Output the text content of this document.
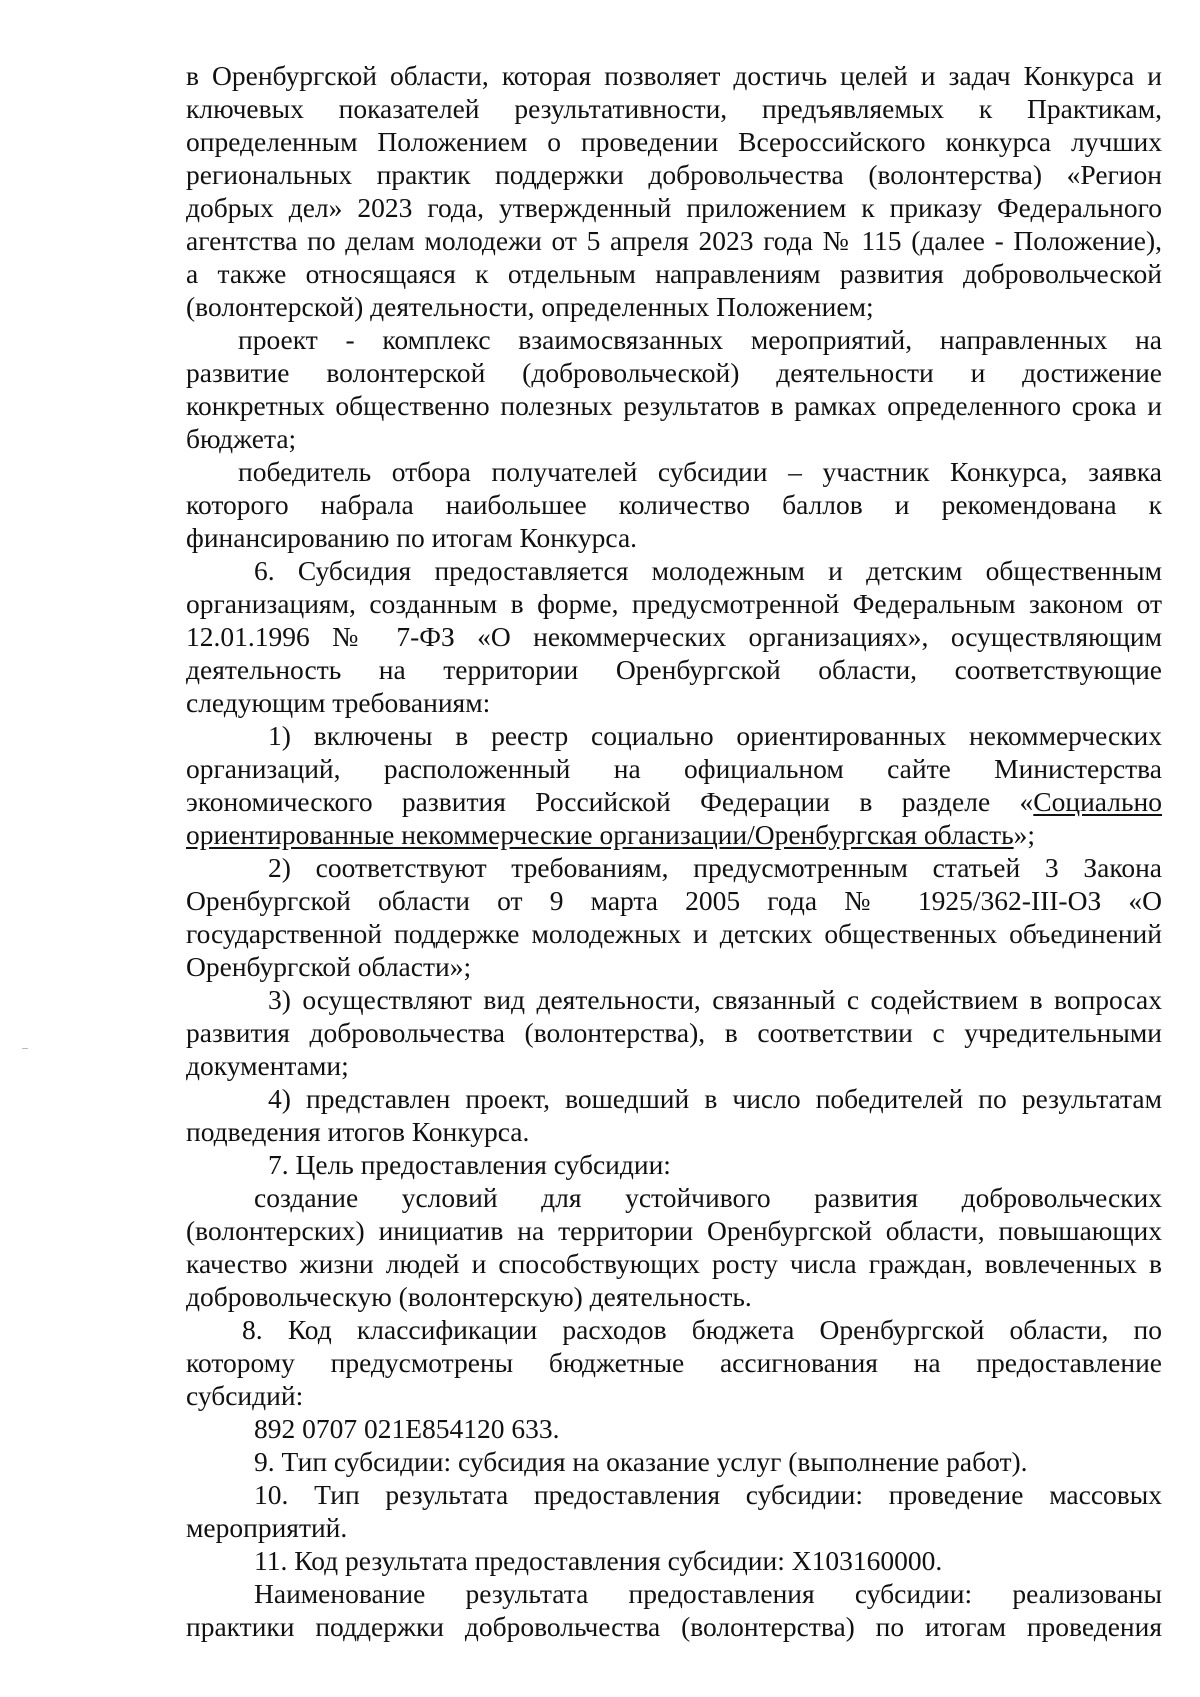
в Оренбургской области, которая позволяет достичь целей и задач Конкурса и
ключевых показателей результативности, предъявляемых к Практикам,
определенным Положением о проведении Всероссийского конкурса лучших
региональных практик поддержки добровольчества (волонтерства) «Регион
добрых дел» 2023 года, утвержденный приложением к приказу Федерального
агентства по делам молодежи от 5 апреля 2023 года № 115 (далее - Положение),
а также относящаяся к отдельным направлениям развития добровольческой
(волонтерской) деятельности, определенных Положением;
проект - комплекс взаимосвязанных мероприятий, направленных на
развитие волонтерской (добровольческой) деятельности и достижение
конкретных общественно полезных результатов в рамках определенного срока и
бюджета;
победитель отбора получателей субсидии – участник Конкурса, заявка
которого набрала наибольшее количество баллов и рекомендована к
финансированию по итогам Конкурса.
6. Субсидия предоставляется молодежным и детским общественным
организациям, созданным в форме, предусмотренной Федеральным законом от
12.01.1996 № 7-ФЗ «О некоммерческих организациях», осуществляющим
деятельность на территории Оренбургской области, соответствующие
следующим требованиям:
1) включены в реестр социально ориентированных некоммерческих
организаций, расположенный на официальном сайте Министерства
экономического развития Российской Федерации в разделе «Социально
ориентированные некоммерческие организации/Оренбургская область»;
2) соответствуют требованиям, предусмотренным статьей 3 Закона
Оренбургской области от 9 марта 2005 года № 1925/362-III-ОЗ «О
государственной поддержке молодежных и детских общественных объединений
Оренбургской области»;
3) осуществляют вид деятельности, связанный с содействием в вопросах
развития добровольчества (волонтерства), в соответствии с учредительными
документами;
4) представлен проект, вошедший в число победителей по результатам
подведения итогов Конкурса.
7. Цель предоставления субсидии:
создание условий для устойчивого развития добровольческих
(волонтерских) инициатив на территории Оренбургской области, повышающих
качество жизни людей и способствующих росту числа граждан, вовлеченных в
добровольческую (волонтерскую) деятельность.
8. Код классификации расходов бюджета Оренбургской области, по
которому предусмотрены бюджетные ассигнования на предоставление
субсидий:
892 0707 021Е854120 633.
9. Тип субсидии: субсидия на оказание услуг (выполнение работ).
10. Тип результата предоставления субсидии: проведение массовых
мероприятий.
11. Код результата предоставления субсидии: Х103160000.
Наименование результата предоставления субсидии: реализованы
практики поддержки добровольчества (волонтерства) по итогам проведения
